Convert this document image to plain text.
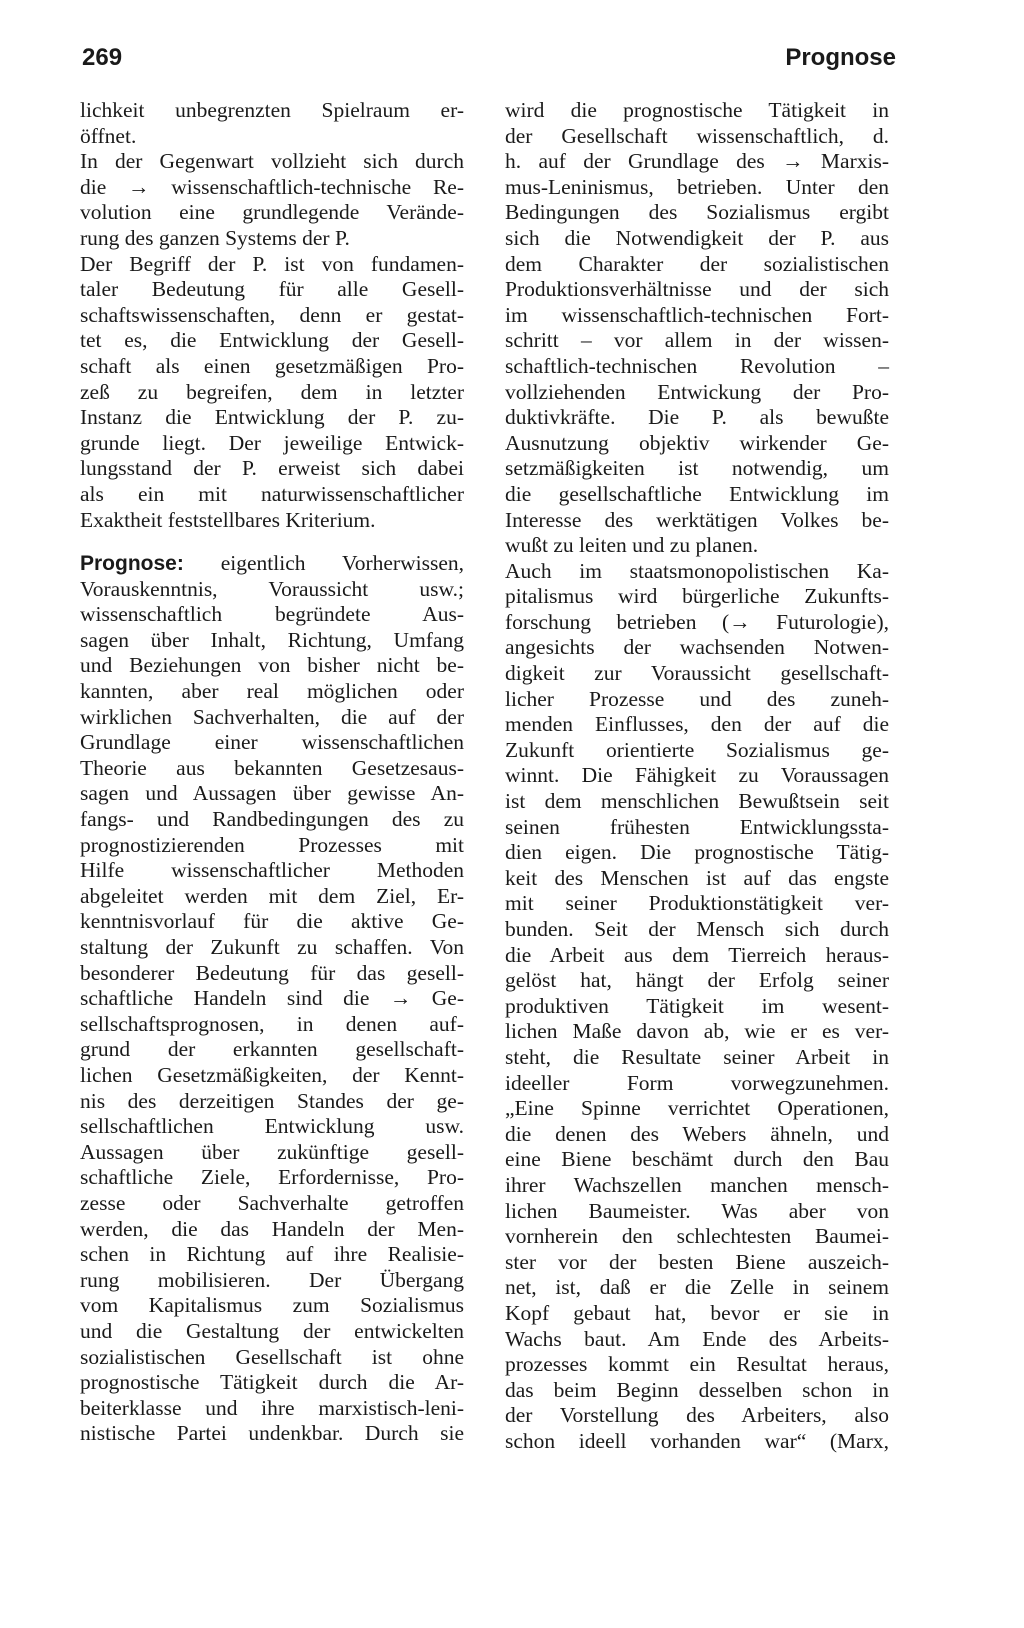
269	Prognose
lichkeit unbegrenzten Spielraum er-
öffnet.
In der Gegenwart vollzieht sich durch
die → wissenschaftlich-technische Re-
volution eine grundlegende Verände-
rung des ganzen Systems der P.
Der Begriff der P. ist von fundamen-
taler Bedeutung für alle Gesell-
schaftswissenschaften, denn er gestat-
tet es, die Entwicklung der Gesell-
schaft als einen gesetzmäßigen Pro-
zeß zu begreifen, dem in letzter
Instanz die Entwicklung der P. zu-
grunde liegt. Der jeweilige Entwick-
lungsstand der P. erweist sich dabei
als ein mit naturwissenschaftlicher
Exaktheit feststellbares Kriterium.
Prognose: eigentlich Vorherwissen,
Vorauskenntnis, Voraussicht usw.;
wissenschaftlich begründete Aus-
sagen über Inhalt, Richtung, Umfang
und Beziehungen von bisher nicht be-
kannten, aber real möglichen oder
wirklichen Sachverhalten, die auf der
Grundlage einer wissenschaftlichen
Theorie aus bekannten Gesetzesaus-
sagen und Aussagen über gewisse An-
fangs- und Randbedingungen des zu
prognostizierenden Prozesses mit
Hilfe wissenschaftlicher Methoden
abgeleitet werden mit dem Ziel, Er-
kenntnisvorlauf für die aktive Ge-
staltung der Zukunft zu schaffen. Von
besonderer Bedeutung für das gesell-
schaftliche Handeln sind die → Ge-
sellschaftsprognosen, in denen auf-
grund der erkannten gesellschaft-
lichen Gesetzmäßigkeiten, der Kennt-
nis des derzeitigen Standes der ge-
sellschaftlichen Entwicklung usw.
Aussagen über zukünftige gesell-
schaftliche Ziele, Erfordernisse, Pro-
zesse oder Sachverhalte getroffen
werden, die das Handeln der Men-
schen in Richtung auf ihre Realisie-
rung mobilisieren. Der Übergang
vom Kapitalismus zum Sozialismus
und die Gestaltung der entwickelten
sozialistischen Gesellschaft ist ohne
prognostische Tätigkeit durch die Ar-
beiterklasse und ihre marxistisch-leni-
nistische Partei undenkbar. Durch sie
wird die prognostische Tätigkeit in
der Gesellschaft wissenschaftlich, d.
h. auf der Grundlage des → Marxis-
mus-Leninismus, betrieben. Unter den
Bedingungen des Sozialismus ergibt
sich die Notwendigkeit der P. aus
dem Charakter der sozialistischen
Produktionsverhältnisse und der sich
im wissenschaftlich-technischen Fort-
schritt – vor allem in der wissen-
schaftlich-technischen Revolution –
vollziehenden Entwickung der Pro-
duktivkräfte. Die P. als bewußte
Ausnutzung objektiv wirkender Ge-
setzmäßigkeiten ist notwendig, um
die gesellschaftliche Entwicklung im
Interesse des werktätigen Volkes be-
wußt zu leiten und zu planen.
Auch im staatsmonopolistischen Ka-
pitalismus wird bürgerliche Zukunfts-
forschung betrieben (→ Futurologie),
angesichts der wachsenden Notwen-
digkeit zur Voraussicht gesellschaft-
licher Prozesse und des zuneh-
menden Einflusses, den der auf die
Zukunft orientierte Sozialismus ge-
winnt. Die Fähigkeit zu Voraussagen
ist dem menschlichen Bewußtsein seit
seinen frühesten Entwicklungssta-
dien eigen. Die prognostische Tätig-
keit des Menschen ist auf das engste
mit seiner Produktionstätigkeit ver-
bunden. Seit der Mensch sich durch
die Arbeit aus dem Tierreich heraus-
gelöst hat, hängt der Erfolg seiner
produktiven Tätigkeit im wesent-
lichen Maße davon ab, wie er es ver-
steht, die Resultate seiner Arbeit in
ideeller Form vorwegzunehmen.
„Eine Spinne verrichtet Operationen,
die denen des Webers ähneln, und
eine Biene beschämt durch den Bau
ihrer Wachszellen manchen mensch-
lichen Baumeister. Was aber von
vornherein den schlechtesten Baumei-
ster vor der besten Biene auszeich-
net, ist, daß er die Zelle in seinem
Kopf gebaut hat, bevor er sie in
Wachs baut. Am Ende des Arbeits-
prozesses kommt ein Resultat heraus,
das beim Beginn desselben schon in
der Vorstellung des Arbeiters, also
schon ideell vorhanden war“ (Marx,
